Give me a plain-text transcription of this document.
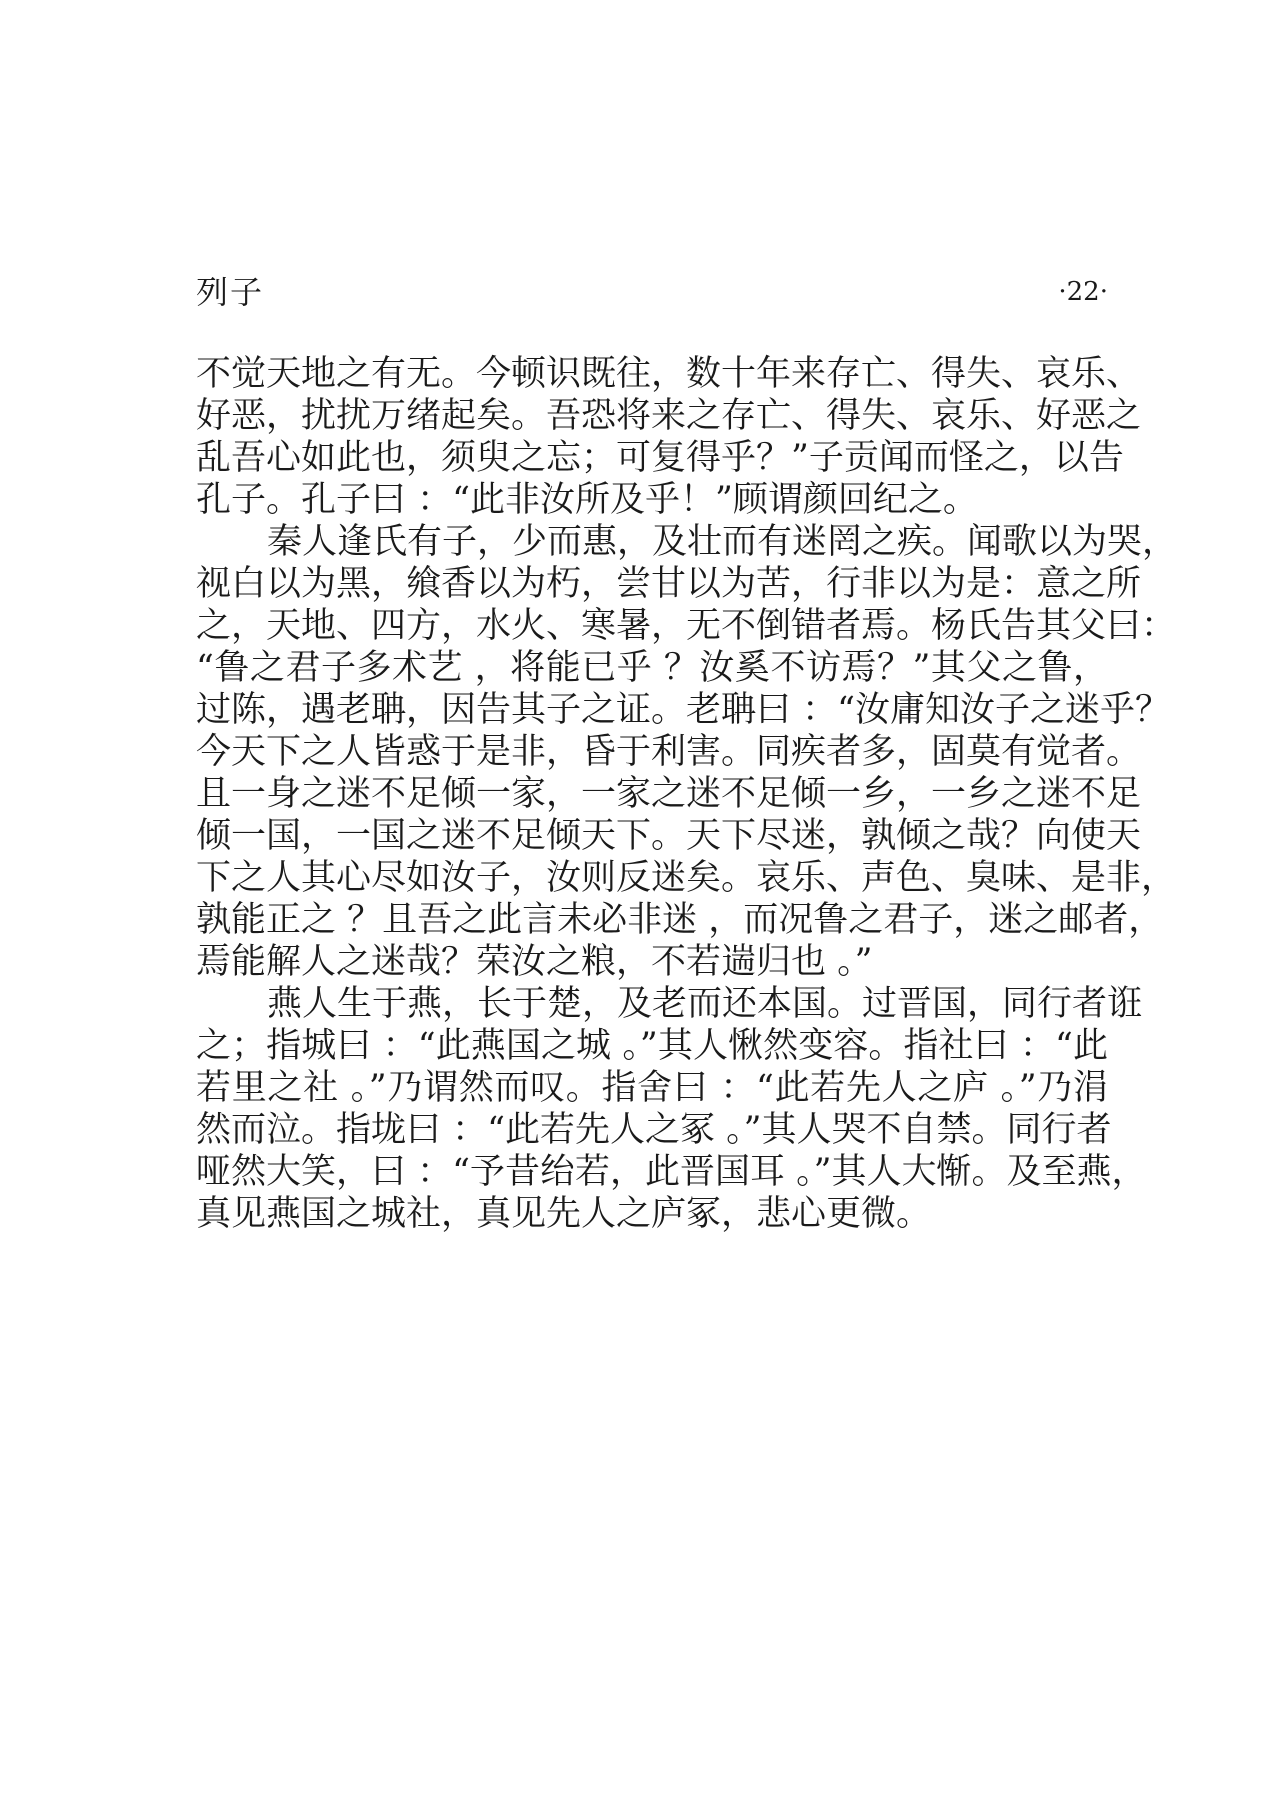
列子	·22·
不觉天地之有无。今顿识既往，数十年来存亡、得失、哀乐、
好恶，扰扰万绪起矣。吾恐将来之存亡、得失、哀乐、好恶之
乱吾心如此也，须臾之忘；可复得乎？”子贡闻而怪之，以告
孔子。孔子曰 ：“此非汝所及乎！”顾谓颜回纪之。
秦人逢氏有子，少而惠，及壮而有迷罔之疾。闻歌以为哭，
视白以为黑，飨香以为朽，尝甘以为苦，行非以为是：意之所
之，天地、四方，水火、寒暑，无不倒错者焉。杨氏告其父曰：
“鲁之君子多术艺 ，将能已乎 ？汝奚不访焉？”其父之鲁，
过陈，遇老聃，因告其子之证。老聃曰 ：“汝庸知汝子之迷乎？
今天下之人皆惑于是非，昏于利害。同疾者多，固莫有觉者。
且一身之迷不足倾一家，一家之迷不足倾一乡，一乡之迷不足
倾一国，一国之迷不足倾天下。天下尽迷，孰倾之哉？向使天
下之人其心尽如汝子，汝则反迷矣。哀乐、声色、臭味、是非，
孰能正之 ？且吾之此言未必非迷 ，而况鲁之君子，迷之邮者，
焉能解人之迷哉？荣汝之粮，不若遄归也 。”
燕人生于燕，长于楚，及老而还本国。过晋国，同行者诳
之；指城曰 ：“此燕国之城 。”其人愀然变容。指社曰 ：“此
若里之社 。”乃谓然而叹。指舍曰 ：“此若先人之庐 。”乃涓
然而泣。指垅曰 ：“此若先人之冢 。”其人哭不自禁。同行者
哑然大笑，曰 ：“予昔绐若，此晋国耳 。”其人大惭。及至燕，
真见燕国之城社，真见先人之庐冢，悲心更微。
